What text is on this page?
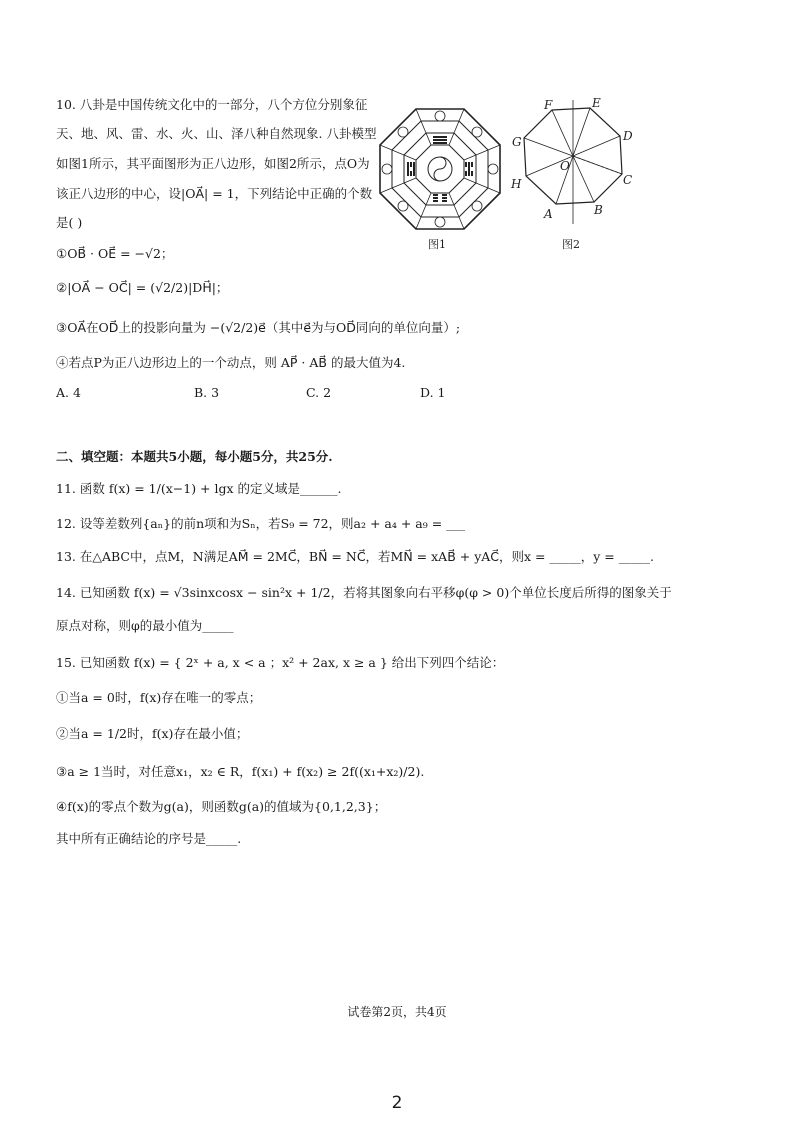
10. 八卦是中国传统文化中的一部分，八个方位分别象征
天、地、风、雷、水、火、山、泽八种自然现象. 八卦模型
如图1所示，其平面图形为正八边形，如图2所示，点O为
该正八边形的中心，设|OA⃗| = 1，下列结论中正确的个数
是( )
图1
F	E
D
C
B
A
H
G
O
图2
①OB⃗ · OE⃗ = −√2；
②|OA⃗ − OC⃗| = (√2/2)|DH⃗|；
③OA⃗在OD⃗上的投影向量为 −(√2/2)e⃗（其中e⃗为与OD⃗同向的单位向量）;
④若点P为正八边形边上的一个动点，则 AP⃗ · AB⃗ 的最大值为4.
A. 4	B. 3	C. 2	D. 1
二、填空题：本题共5小题，每小题5分，共25分.
11. 函数 f(x) = 1/(x−1) + lgx 的定义域是______.
12. 设等差数列{aₙ}的前n项和为Sₙ，若S₉ = 72，则a₂ + a₄ + a₉ = ___
13. 在△ABC中，点M，N满足AM⃗ = 2MC⃗，BN⃗ = NC⃗，若MN⃗ = xAB⃗ + yAC⃗，则x = _____，y = _____.
14. 已知函数 f(x) = √3sinxcosx − sin²x + 1/2，若将其图象向右平移φ(φ > 0)个单位长度后所得的图象关于
原点对称，则φ的最小值为_____
15. 已知函数 f(x) = { 2ˣ + a, x < a ；x² + 2ax, x ≥ a } 给出下列四个结论：
①当a = 0时，f(x)存在唯一的零点；
②当a = 1/2时，f(x)存在最小值；
③a ≥ 1当时，对任意x₁，x₂ ∈ R，f(x₁) + f(x₂) ≥ 2f((x₁+x₂)/2).
④f(x)的零点个数为g(a)，则函数g(a)的值域为{0,1,2,3}；
其中所有正确结论的序号是_____.
试卷第2页，共4页
2
